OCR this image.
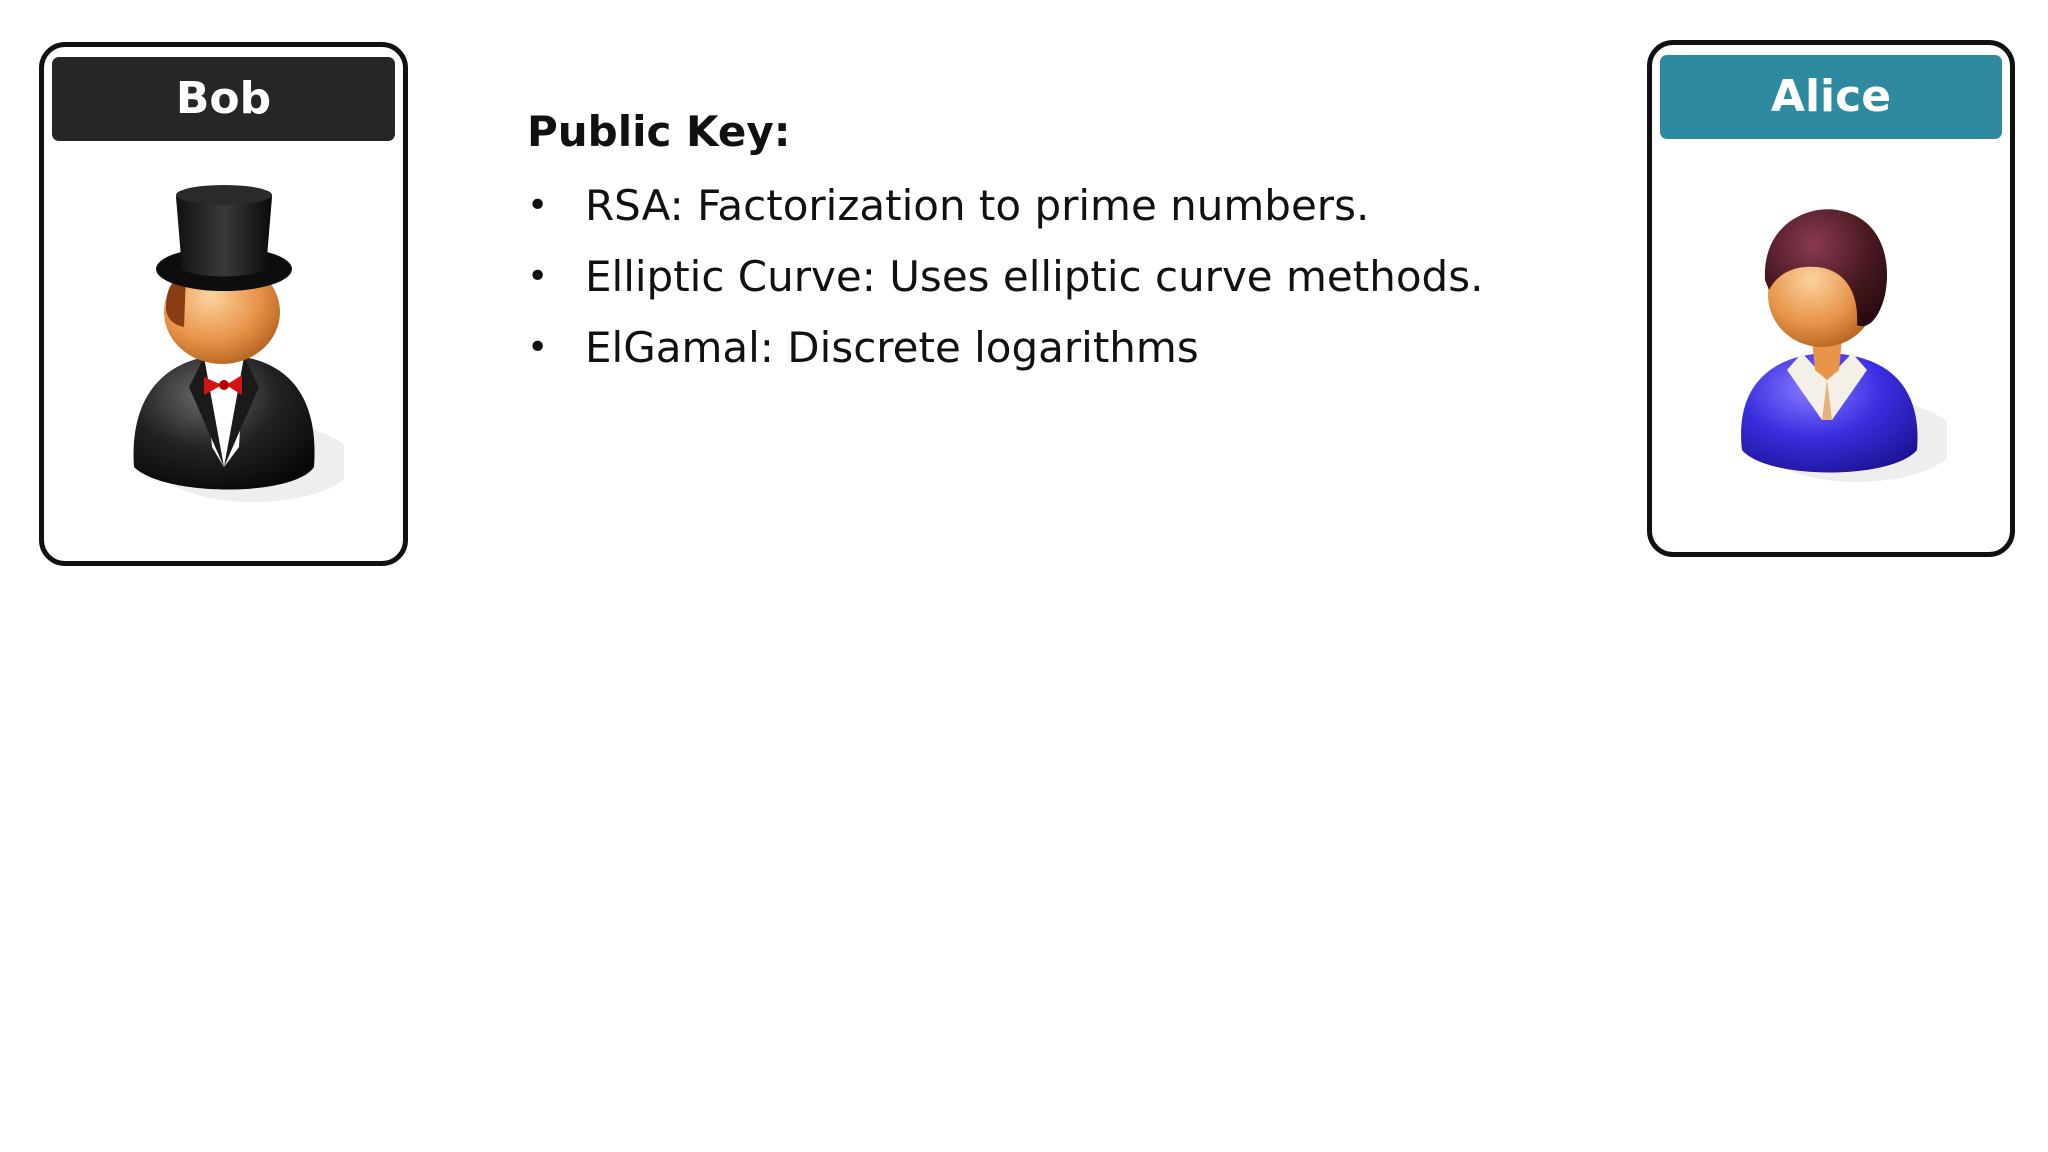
Bob
Public Key:
• RSA: Factorization to prime numbers.
• Elliptic Curve: Uses elliptic curve methods.
• ElGamal: Discrete logarithms
Alice
